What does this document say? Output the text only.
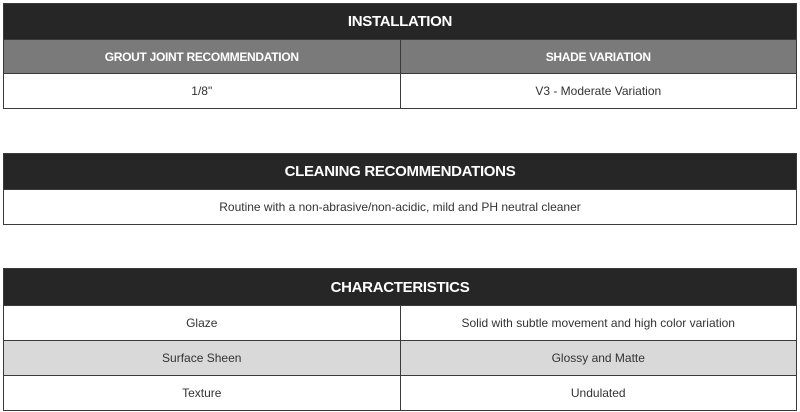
INSTALLATION
GROUT JOINT RECOMMENDATION	SHADE VARIATION
1/8"	V3 - Moderate Variation
CLEANING RECOMMENDATIONS
Routine with a non-abrasive/non-acidic, mild and PH neutral cleaner
CHARACTERISTICS
Glaze	Solid with subtle movement and high color variation
Surface Sheen	Glossy and Matte
Texture	Undulated
